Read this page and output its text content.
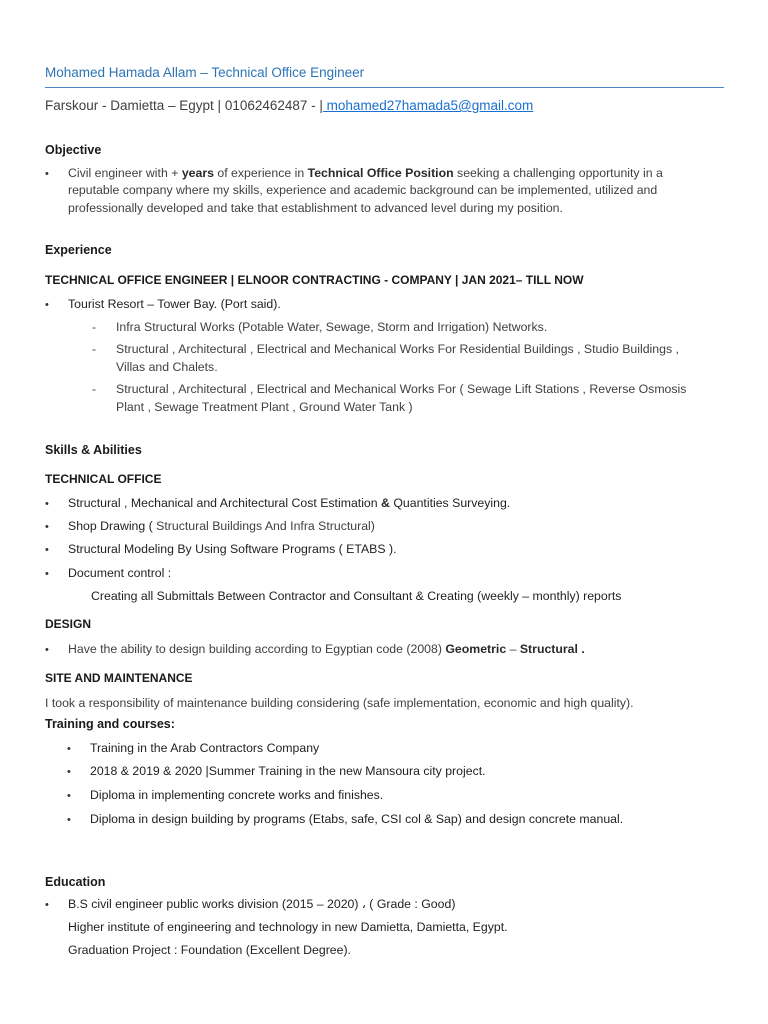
Mohamed Hamada Allam – Technical Office Engineer
Farskour - Damietta – Egypt | 01062462487 - | mohamed27hamada5@gmail.com
Objective
• Civil engineer with + years of experience in Technical Office Position seeking a challenging opportunity in a
reputable company where my skills, experience and academic background can be implemented, utilized and
professionally developed and take that establishment to advanced level during my position.
Experience
TECHNICAL OFFICE ENGINEER | ELNOOR CONTRACTING - COMPANY | JAN 2021– TILL NOW
• Tourist Resort – Tower Bay. (Port said).
- Infra Structural Works (Potable Water, Sewage, Storm and Irrigation) Networks.
- Structural , Architectural , Electrical and Mechanical Works For Residential Buildings , Studio Buildings ,
Villas and Chalets.
- Structural , Architectural , Electrical and Mechanical Works For ( Sewage Lift Stations , Reverse Osmosis
Plant , Sewage Treatment Plant , Ground Water Tank )
Skills & Abilities
TECHNICAL OFFICE
• Structural , Mechanical and Architectural Cost Estimation & Quantities Surveying.
• Shop Drawing ( Structural Buildings And Infra Structural)
• Structural Modeling By Using Software Programs ( ETABS ).
• Document control :
Creating all Submittals Between Contractor and Consultant & Creating (weekly – monthly) reports
DESIGN
• Have the ability to design building according to Egyptian code (2008) Geometric – Structural .
SITE AND MAINTENANCE
I took a responsibility of maintenance building considering (safe implementation, economic and high quality).
Training and courses:
• Training in the Arab Contractors Company
• 2018 & 2019 & 2020 |Summer Training in the new Mansoura city project.
• Diploma in implementing concrete works and finishes.
• Diploma in design building by programs (Etabs, safe, CSI col & Sap) and design concrete manual.
Education
• B.S civil engineer public works division (2015 – 2020) ، ( Grade : Good)
Higher institute of engineering and technology in new Damietta, Damietta, Egypt.
Graduation Project : Foundation (Excellent Degree).
